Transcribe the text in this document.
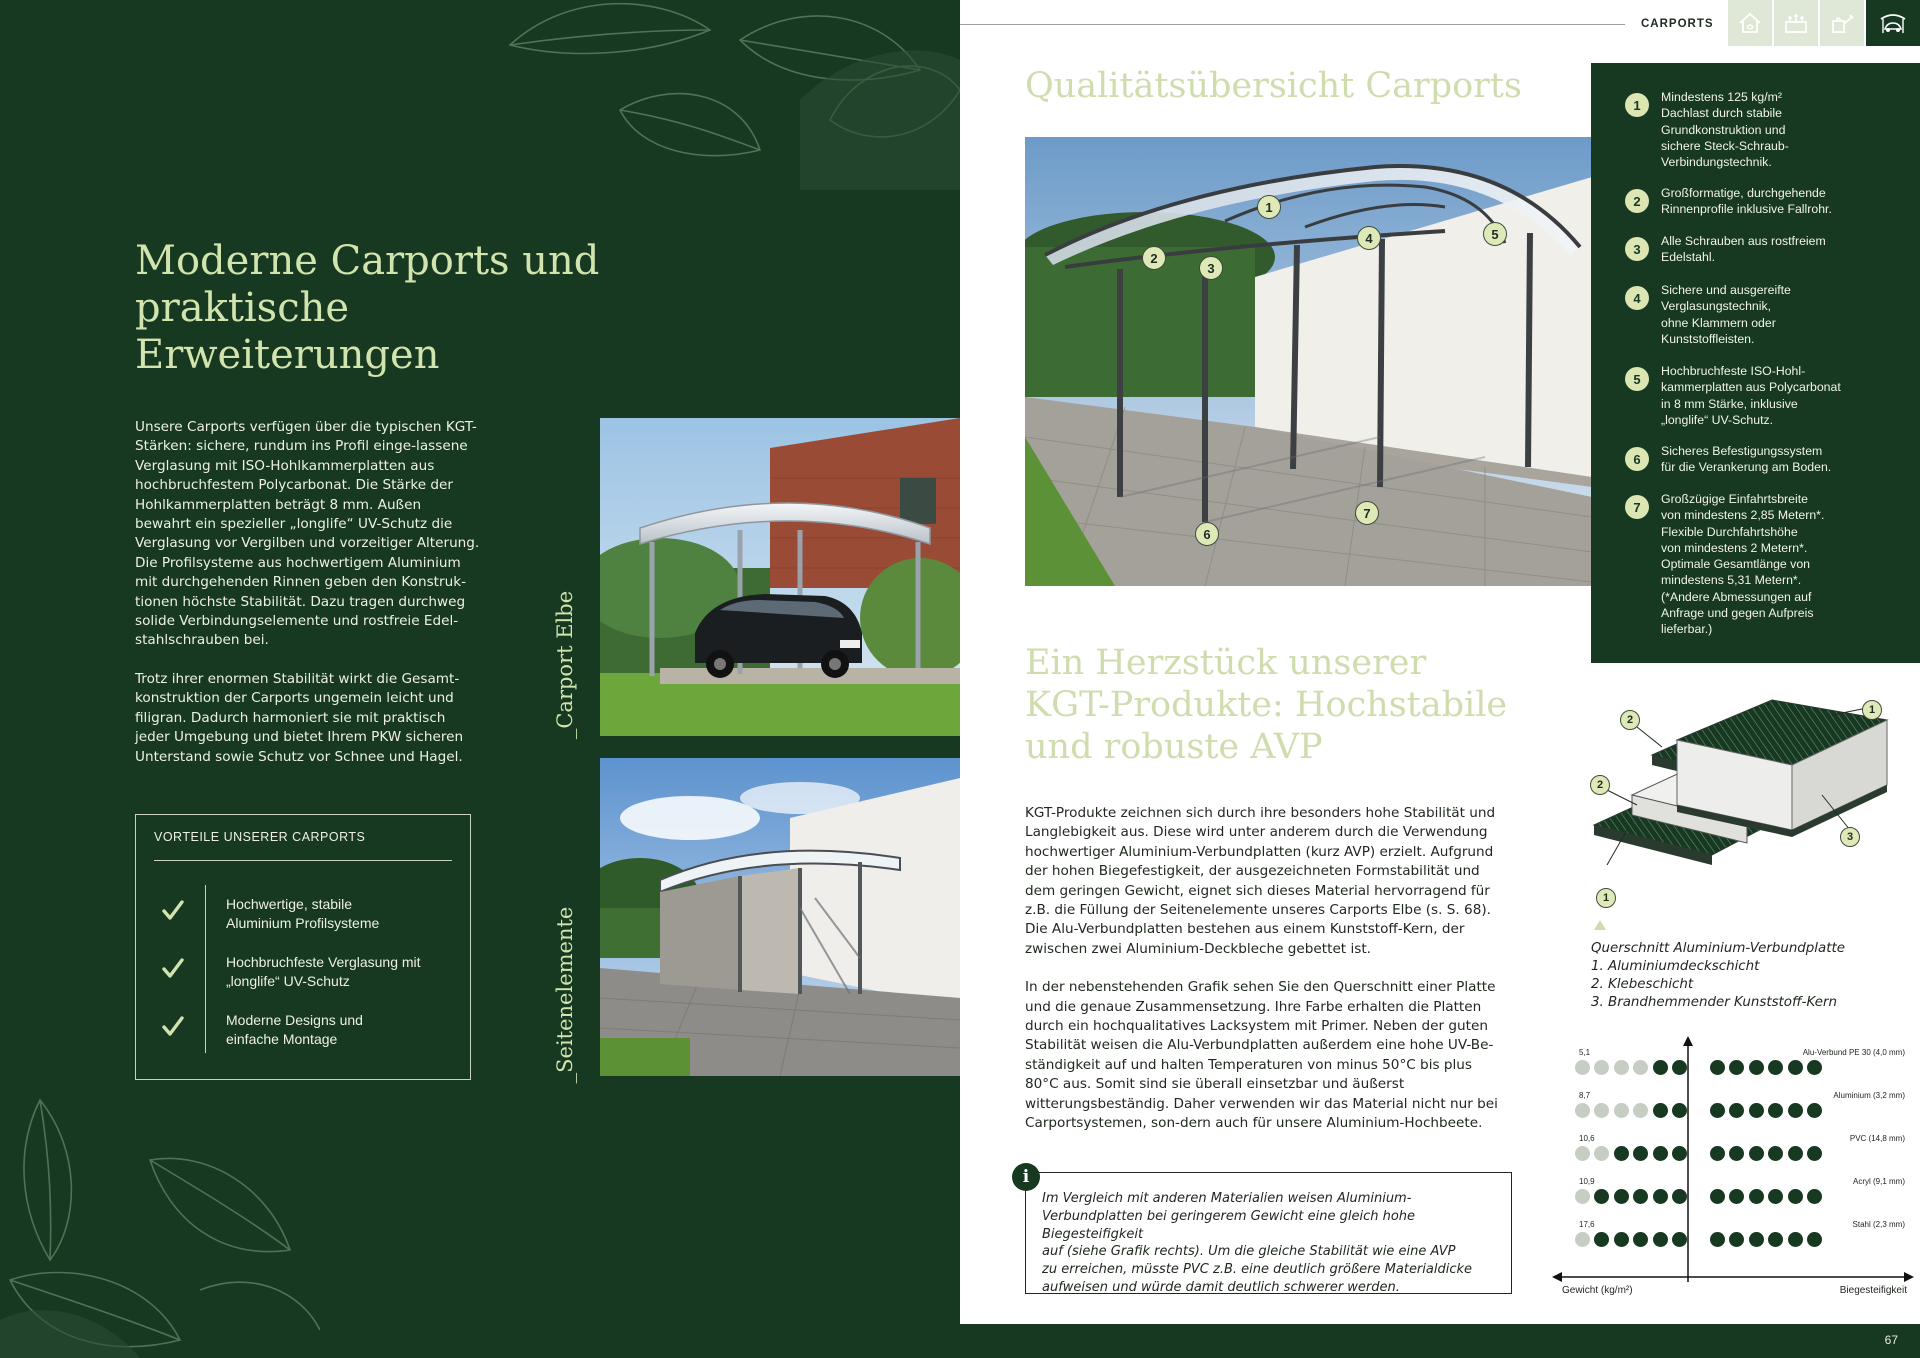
Moderne Carports und
praktische Erweiterungen

Unsere Carports verfügen über die typischen KGT-Stärken: sichere, rundum ins Profil einge-lassene Verglasung mit ISO-Hohlkammerplatten aus hochbruchfestem Polycarbonat. Die Stärke der Hohlkammerplatten beträgt 8 mm. Außen bewahrt ein spezieller „longlife“ UV-Schutz die Verglasung vor Vergilben und vorzeitiger Alterung. Die Profilsysteme aus hochwertigem Aluminium mit durchgehenden Rinnen geben den Konstruk-tionen höchste Stabilität. Dazu tragen durchweg solide Verbindungselemente und rostfreie Edel-stahlschrauben bei.

Trotz ihrer enormen Stabilität wirkt die Gesamt-konstruktion der Carports ungemein leicht und filigran. Dadurch harmoniert sie mit praktisch jeder Umgebung und bietet Ihrem PKW sicheren Unterstand sowie Schutz vor Schnee und Hagel.

VORTEILE UNSERER CARPORTS
Hochwertige, stabile
Aluminium Profilsysteme
Hochbruchfeste Verglasung mit
„longlife“ UV-Schutz
Moderne Designs und
einfache Montage
_Carport Elbe
_Seitenelemente
CARPORTS
Qualitätsübersicht Carports
1
2
3
4	5
6
7
1
Mindestens 125 kg/m²
Dachlast durch stabile
Grundkonstruktion und
sichere Steck-Schraub-
Verbindungstechnik.
2
Großformatige, durchgehende
Rinnenprofile inklusive Fallrohr.
3
Alle Schrauben aus rostfreiem
Edelstahl.
4
Sichere und ausgereifte
Verglasungstechnik,
ohne Klammern oder
Kunststoffleisten.
5
Hochbruchfeste ISO-Hohl-
kammerplatten aus Polycarbonat
in 8 mm Stärke, inklusive
„longlife“ UV-Schutz.
6
Sicheres Befestigungssystem
für die Verankerung am Boden.
7
Großzügige Einfahrtsbreite
von mindestens 2,85 Metern*.
Flexible Durchfahrtshöhe
von mindestens 2 Metern*.
Optimale Gesamtlänge von
mindestens 5,31 Metern*.
(*Andere Abmessungen auf
Anfrage und gegen Aufpreis
lieferbar.)
Ein Herzstück unserer
KGT-Produkte: Hochstabile
und robuste AVP

KGT-Produkte zeichnen sich durch ihre besonders hohe Stabilität und Langlebigkeit aus. Diese wird unter anderem durch die Verwendung hochwertiger Aluminium-Verbundplatten (kurz AVP) erzielt. Aufgrund der hohen Biegefestigkeit, der ausgezeichneten Formstabilität und dem geringen Gewicht, eignet sich dieses Material hervorragend für z.B. die Füllung der Seitenelemente unseres Carports Elbe (s. S. 68). Die Alu-Verbundplatten bestehen aus einem Kunststoff-Kern, der zwischen zwei Aluminium-Deckbleche gebettet ist.

In der nebenstehenden Grafik sehen Sie den Querschnitt einer Platte und die genaue Zusammensetzung. Ihre Farbe erhalten die Platten durch ein hochqualitatives Lacksystem mit Primer. Neben der guten Stabilität weisen die Alu-Verbundplatten außerdem eine hohe UV-Be-ständigkeit auf und halten Temperaturen von minus 50°C bis plus 80°C aus. Somit sind sie überall einsetzbar und äußerst witterungsbeständig. Daher verwenden wir das Material nicht nur bei Carportsystemen, son-dern auch für unsere Aluminium-Hochbeete.

i
Im Vergleich mit anderen Materialien weisen Aluminium-
Verbundplatten bei geringerem Gewicht eine gleich hohe Biegesteifigkeit
auf (siehe Grafik rechts). Um die gleiche Stabilität wie eine AVP
zu erreichen, müsste PVC z.B. eine deutlich größere Materialdicke
aufweisen und würde damit deutlich schwerer werden.
1
2
2
3
1
Querschnitt Aluminium-Verbundplatte
1. Aluminiumdeckschicht
2. Klebeschicht
3. Brandhemmender Kunststoff-Kern
Gewicht (kg/m²)	Biegesteifigkeit
5,1	Alu-Verbund PE 30 (4,0 mm)
8,7	Aluminium (3,2 mm)
10,6	PVC (14,8 mm)
10,9	Acryl (9,1 mm)
17,6	Stahl (2,3 mm)
67
